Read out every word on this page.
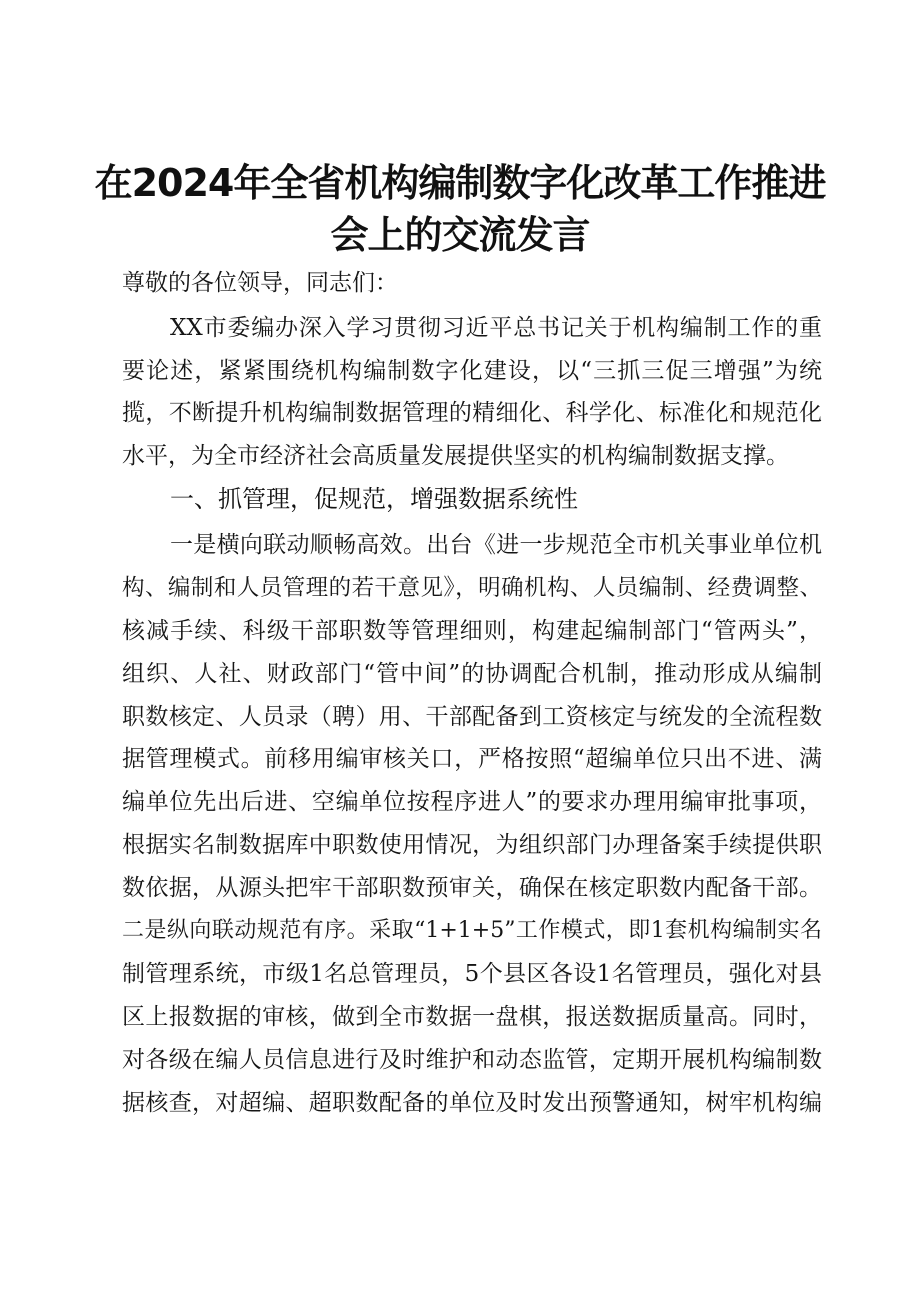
在2024年全省机构编制数字化改革工作推进
会上的交流发言
尊敬的各位领导，同志们：
XX市委编办深入学习贯彻习近平总书记关于机构编制工作的重
要论述，紧紧围绕机构编制数字化建设，以“三抓三促三增强”为统
揽，不断提升机构编制数据管理的精细化、科学化、标准化和规范化
水平，为全市经济社会高质量发展提供坚实的机构编制数据支撑。
一、抓管理，促规范，增强数据系统性
一是横向联动顺畅高效。出台《进一步规范全市机关事业单位机
构、编制和人员管理的若干意见》，明确机构、人员编制、经费调整、
核减手续、科级干部职数等管理细则，构建起编制部门“管两头”，
组织、人社、财政部门“管中间”的协调配合机制，推动形成从编制
职数核定、人员录（聘）用、干部配备到工资核定与统发的全流程数
据管理模式。前移用编审核关口，严格按照“超编单位只出不进、满
编单位先出后进、空编单位按程序进人”的要求办理用编审批事项，
根据实名制数据库中职数使用情况，为组织部门办理备案手续提供职
数依据，从源头把牢干部职数预审关，确保在核定职数内配备干部。
二是纵向联动规范有序。采取“1+1+5”工作模式，即1套机构编制实名
制管理系统，市级1名总管理员，5个县区各设1名管理员，强化对县
区上报数据的审核，做到全市数据一盘棋，报送数据质量高。同时，
对各级在编人员信息进行及时维护和动态监管，定期开展机构编制数
据核查，对超编、超职数配备的单位及时发出预警通知，树牢机构编
